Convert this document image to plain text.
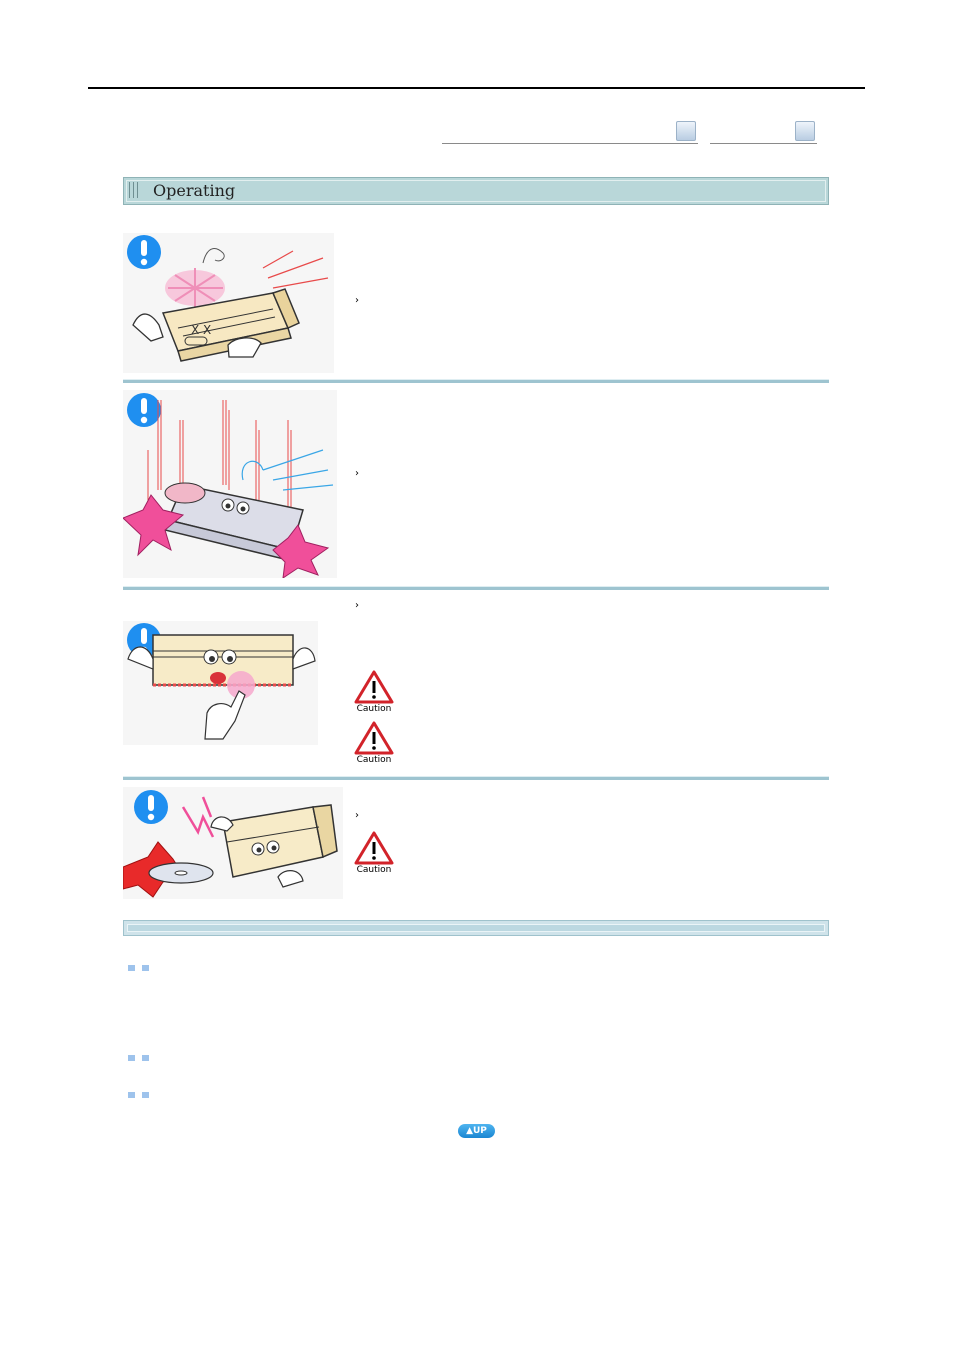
Operating
X X
›
›
›
Caution
Caution
›
Caution
▲UP
